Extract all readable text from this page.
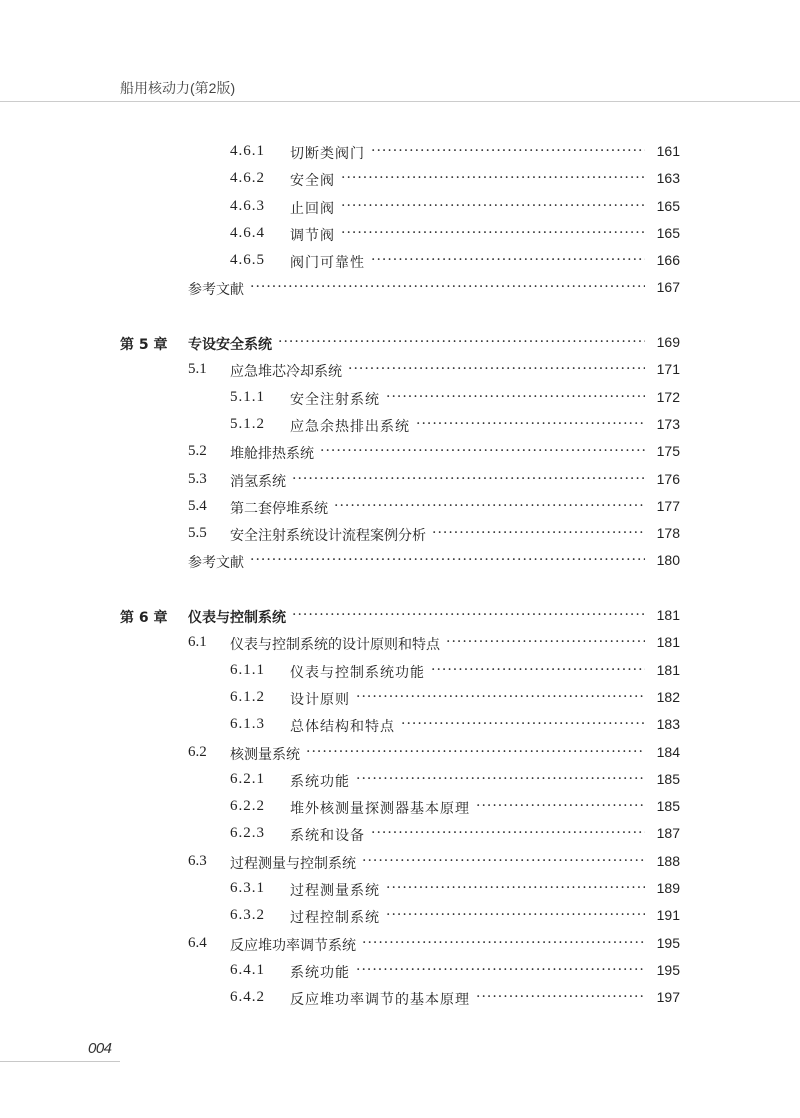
船用核动力(第2版)
4.6.1 切断类阀门 ·····	161
4.6.2 安全阀 ·····	163
4.6.3 止回阀 ·····	165
4.6.4 调节阀 ·····	165
4.6.5 阀门可靠性 ·····	166
参考文献 ·····	167
第 5 章 专设安全系统 ·····	169
5.1 应急堆芯冷却系统 ·····	171
5.1.1 安全注射系统 ·····	172
5.1.2 应急余热排出系统 ·····	173
5.2 堆舱排热系统 ·····	175
5.3 消氢系统 ·····	176
5.4 第二套停堆系统 ·····	177
5.5 安全注射系统设计流程案例分析 ·····	178
参考文献 ·····	180
第 6 章 仪表与控制系统 ·····	181
6.1 仪表与控制系统的设计原则和特点 ·····	181
6.1.1 仪表与控制系统功能 ·····	181
6.1.2 设计原则 ·····	182
6.1.3 总体结构和特点 ·····	183
6.2 核测量系统 ·····	184
6.2.1 系统功能 ·····	185
6.2.2 堆外核测量探测器基本原理 ·····	185
6.2.3 系统和设备 ·····	187
6.3 过程测量与控制系统 ·····	188
6.3.1 过程测量系统 ·····	189
6.3.2 过程控制系统 ·····	191
6.4 反应堆功率调节系统 ·····	195
6.4.1 系统功能 ·····	195
6.4.2 反应堆功率调节的基本原理 ·····	197
004
